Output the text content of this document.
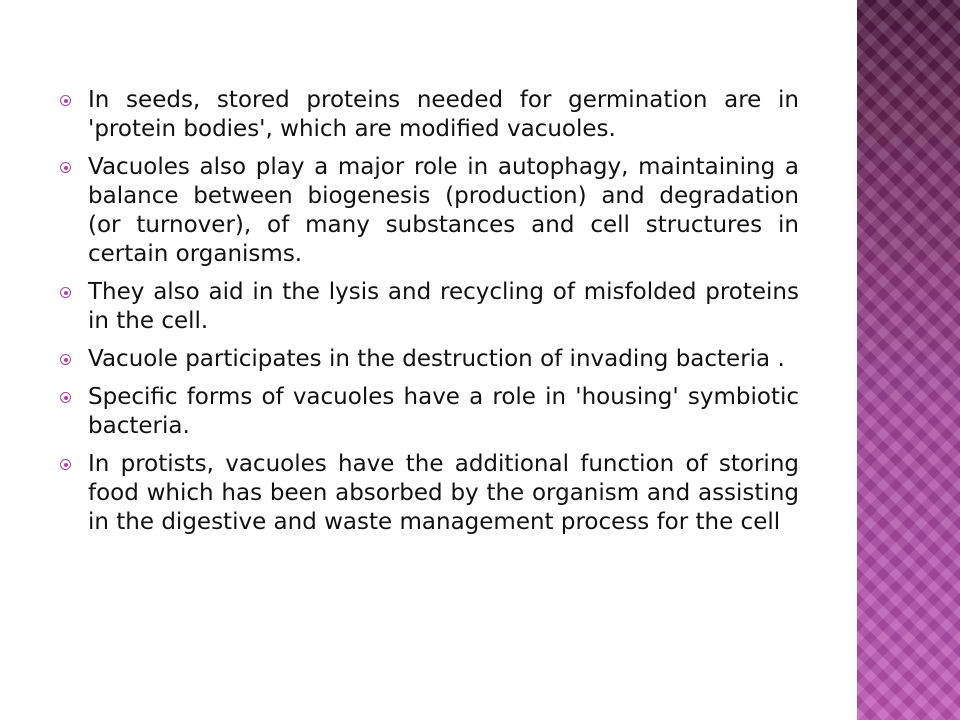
In seeds, stored proteins needed for germination are in 'protein bodies', which are modified vacuoles.
Vacuoles also play a major role in autophagy, maintaining a balance between biogenesis (production) and degradation (or turnover), of many substances and cell structures in certain organisms.
They also aid in the lysis and recycling of misfolded proteins in the cell.
Vacuole participates in the destruction of invading bacteria .
Specific forms of vacuoles have a role in 'housing' symbiotic bacteria.
In protists, vacuoles have the additional function of storing food which has been absorbed by the organism and assisting in the digestive and waste management process for the cell
